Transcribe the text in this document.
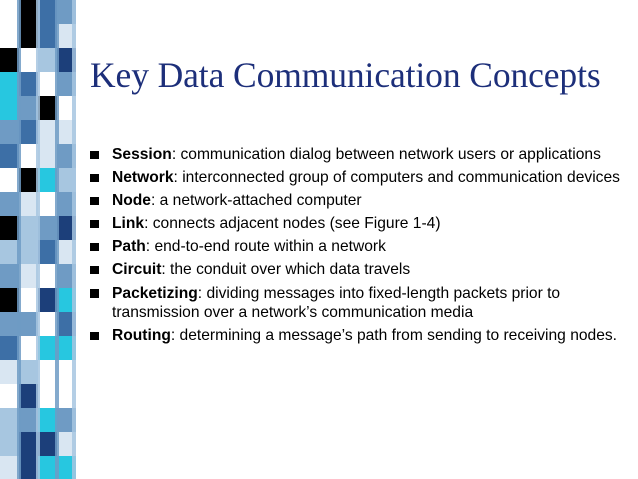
Key Data Communication Concepts
Session: communication dialog between network users or applications
Network: interconnected group of computers and communication devices
Node: a network-attached computer
Link: connects adjacent nodes (see Figure 1-4)
Path: end-to-end route within a network
Circuit: the conduit over which data travels
Packetizing: dividing messages into fixed-length packets prior to transmission over a network’s communication media
Routing: determining a message’s path from sending to receiving nodes.
